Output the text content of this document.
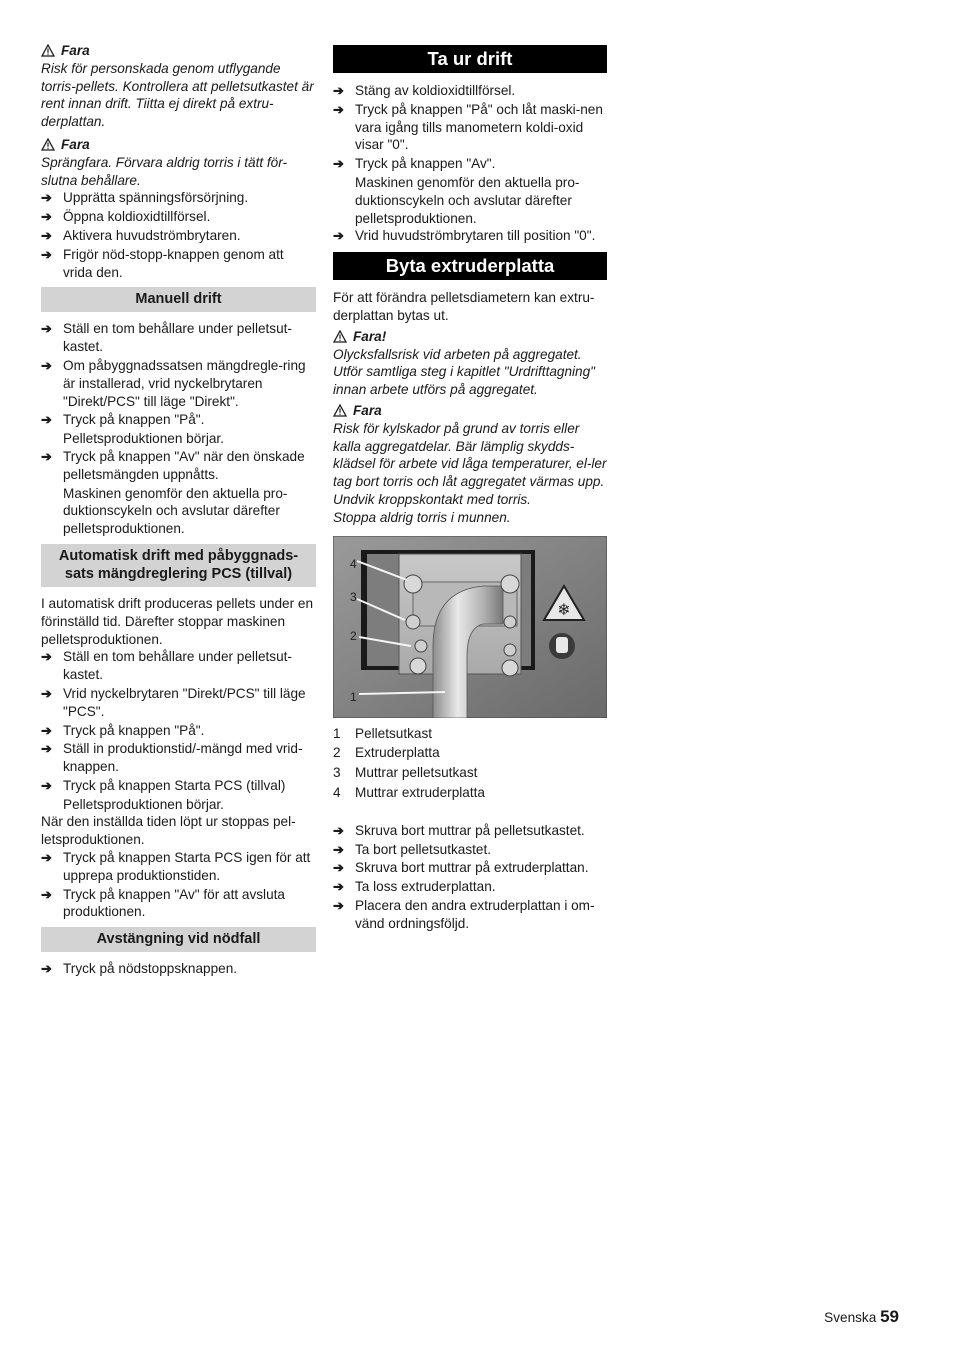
Fara

Risk för personskada genom utflygande torris-pellets. Kontrollera att pelletsutkastet är rent innan drift. Tiitta ej direkt på extru-derplattan.

Fara

Sprängfara. Förvara aldrig torris i tätt för-slutna behållare.

➔ Upprätta spänningsförsörjning.
➔ Öppna koldioxidtillförsel.
➔ Aktivera huvudströmbrytaren.
➔ Frigör nöd-stopp-knappen genom att vrida den.
Manuell drift
➔ Ställ en tom behållare under pelletsut-kastet.
➔ Om påbyggnadssatsen mängdregle-ring är installerad, vrid nyckelbrytaren "Direkt/PCS" till läge "Direkt".
➔ Tryck på knappen "På".

Pelletsproduktionen börjar.

➔ Tryck på knappen "Av" när den önskade pelletsmängden uppnåtts.

Maskinen genomför den aktuella pro-duktionscykeln och avslutar därefter pelletsproduktionen.

Automatisk drift med påbyggnads-sats mängdreglering PCS (tillval)

I automatisk drift produceras pellets under en förinställd tid. Därefter stoppar maskinen pelletsproduktionen.

➔ Ställ en tom behållare under pelletsut-kastet.
➔ Vrid nyckelbrytaren "Direkt/PCS" till läge "PCS".
➔ Tryck på knappen "På".
➔ Ställ in produktionstid/-mängd med vrid-knappen.
➔ Tryck på knappen Starta PCS (tillval)

Pelletsproduktionen börjar.

När den inställda tiden löpt ur stoppas pel-letsproduktionen.

➔ Tryck på knappen Starta PCS igen för att upprepa produktionstiden.
➔ Tryck på knappen "Av" för att avsluta produktionen.
Avstängning vid nödfall
➔ Tryck på nödstoppsknappen.
Ta ur drift
➔ Stäng av koldioxidtillförsel.
➔ Tryck på knappen "På" och låt maski-nen vara igång tills manometern koldi-oxid visar "0".
➔ Tryck på knappen "Av".

Maskinen genomför den aktuella pro-duktionscykeln och avslutar därefter pelletsproduktionen.

➔ Vrid huvudströmbrytaren till position "0".
Byta extruderplatta

För att förändra pelletsdiametern kan extru-derplattan bytas ut.

Fara!

Olycksfallsrisk vid arbeten på aggregatet. Utför samtliga steg i kapitlet "Urdrifttagning" innan arbete utförs på aggregatet.

Fara

Risk för kylskador på grund av torris eller kalla aggregatdelar. Bär lämplig skydds-klädsel för arbete vid låga temperaturer, el-ler tag bort torris och låt aggregatet värmas upp.

Undvik kroppskontakt med torris.

Stoppa aldrig torris i munnen.

❄
4
3
2
1
1	Pelletsutkast
2	Extruderplatta
3	Muttrar pelletsutkast
4	Muttrar extruderplatta
➔ Skruva bort muttrar på pelletsutkastet.
➔ Ta bort pelletsutkastet.
➔ Skruva bort muttrar på extruderplattan.
➔ Ta loss extruderplattan.
➔ Placera den andra extruderplattan i om-vänd ordningsföljd.
Svenska 59
